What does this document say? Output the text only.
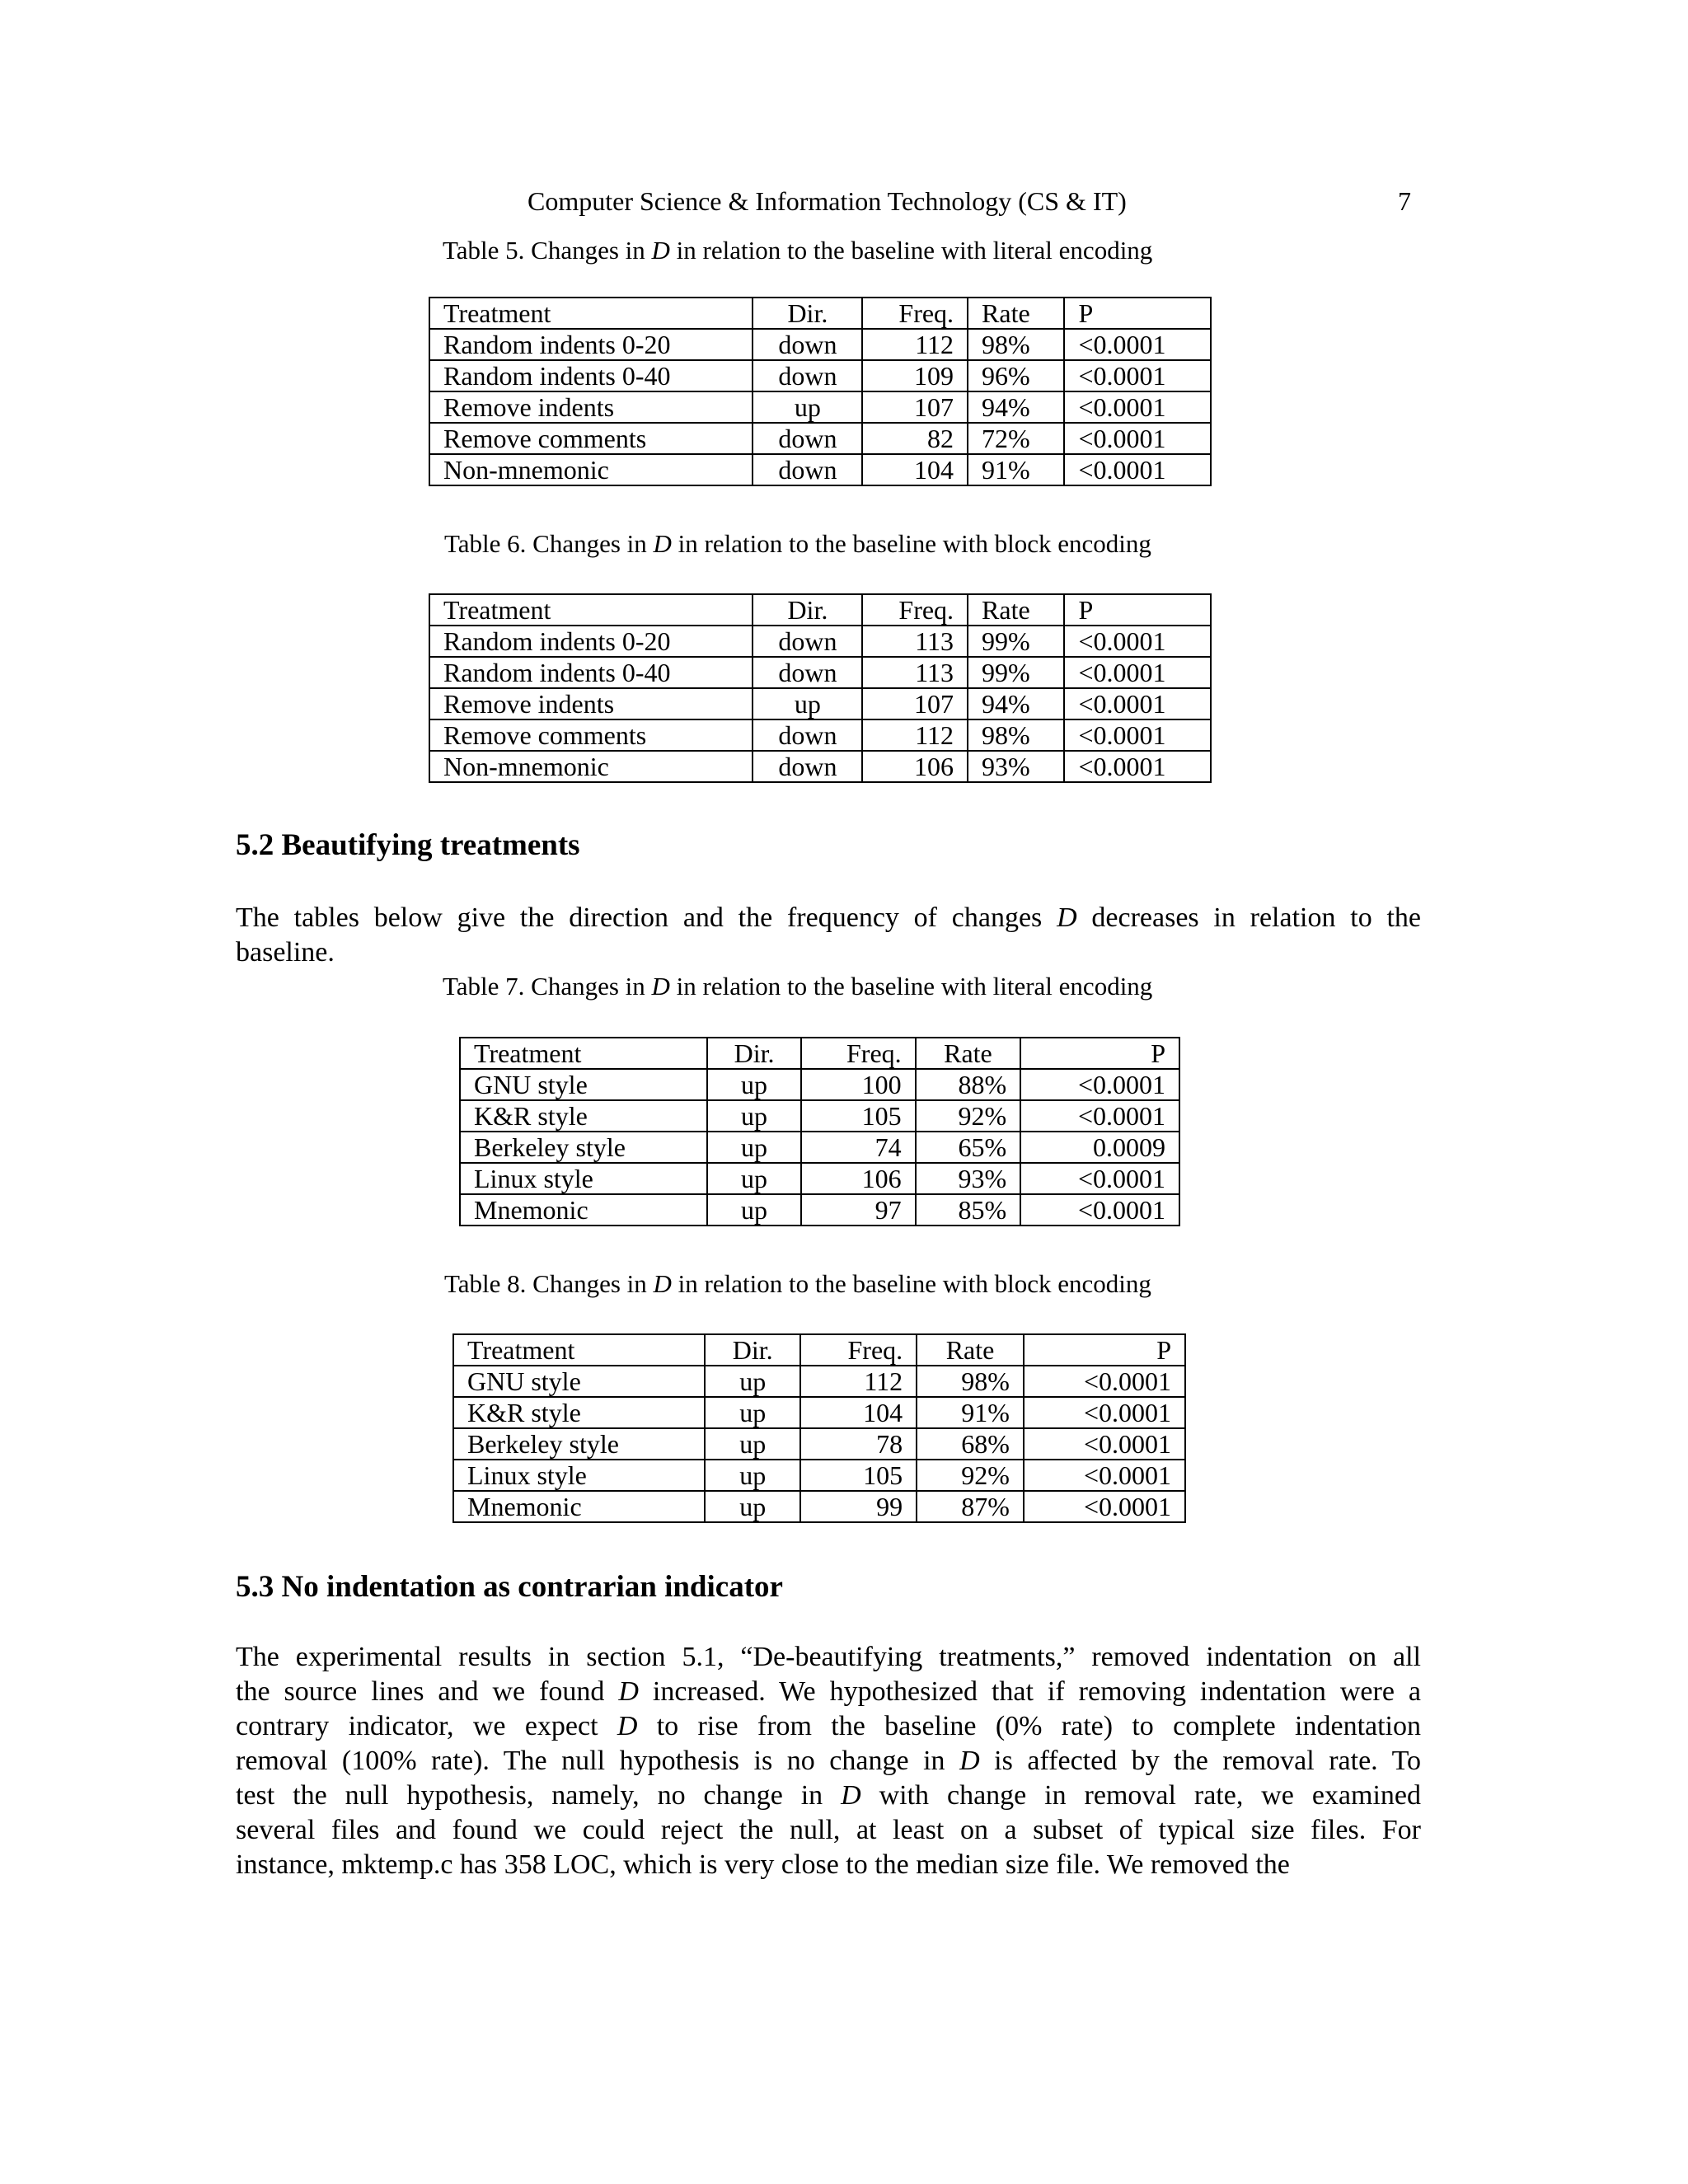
Computer Science & Information Technology (CS & IT)	7
Table 5. Changes in D in relation to the baseline with literal encoding
Treatment	Dir.	Freq.	Rate	P
Random indents 0-20	down	112	98%	<0.0001
Random indents 0-40	down	109	96%	<0.0001
Remove indents	up	107	94%	<0.0001
Remove comments	down	82	72%	<0.0001
Non-mnemonic	down	104	91%	<0.0001
Table 6. Changes in D in relation to the baseline with block encoding
Treatment	Dir.	Freq.	Rate	P
Random indents 0-20	down	113	99%	<0.0001
Random indents 0-40	down	113	99%	<0.0001
Remove indents	up	107	94%	<0.0001
Remove comments	down	112	98%	<0.0001
Non-mnemonic	down	106	93%	<0.0001
5.2 Beautifying treatments
The tables below give the direction and the frequency of changes D decreases in relation to the
baseline.
Table 7. Changes in D in relation to the baseline with literal encoding
Treatment	Dir.	Freq.	Rate	P
GNU style	up	100	88%	<0.0001
K&R style	up	105	92%	<0.0001
Berkeley style	up	74	65%	0.0009
Linux style	up	106	93%	<0.0001
Mnemonic	up	97	85%	<0.0001
Table 8. Changes in D in relation to the baseline with block encoding
Treatment	Dir.	Freq.	Rate	P
GNU style	up	112	98%	<0.0001
K&R style	up	104	91%	<0.0001
Berkeley style	up	78	68%	<0.0001
Linux style	up	105	92%	<0.0001
Mnemonic	up	99	87%	<0.0001
5.3 No indentation as contrarian indicator
The experimental results in section 5.1, “De-beautifying treatments,” removed indentation on all
the source lines and we found D increased. We hypothesized that if removing indentation were a
contrary indicator, we expect D to rise from the baseline (0% rate) to complete indentation
removal (100% rate). The null hypothesis is no change in D is affected by the removal rate. To
test the null hypothesis, namely, no change in D with change in removal rate, we examined
several files and found we could reject the null, at least on a subset of typical size files. For
instance, mktemp.c has 358 LOC, which is very close to the median size file. We removed the
